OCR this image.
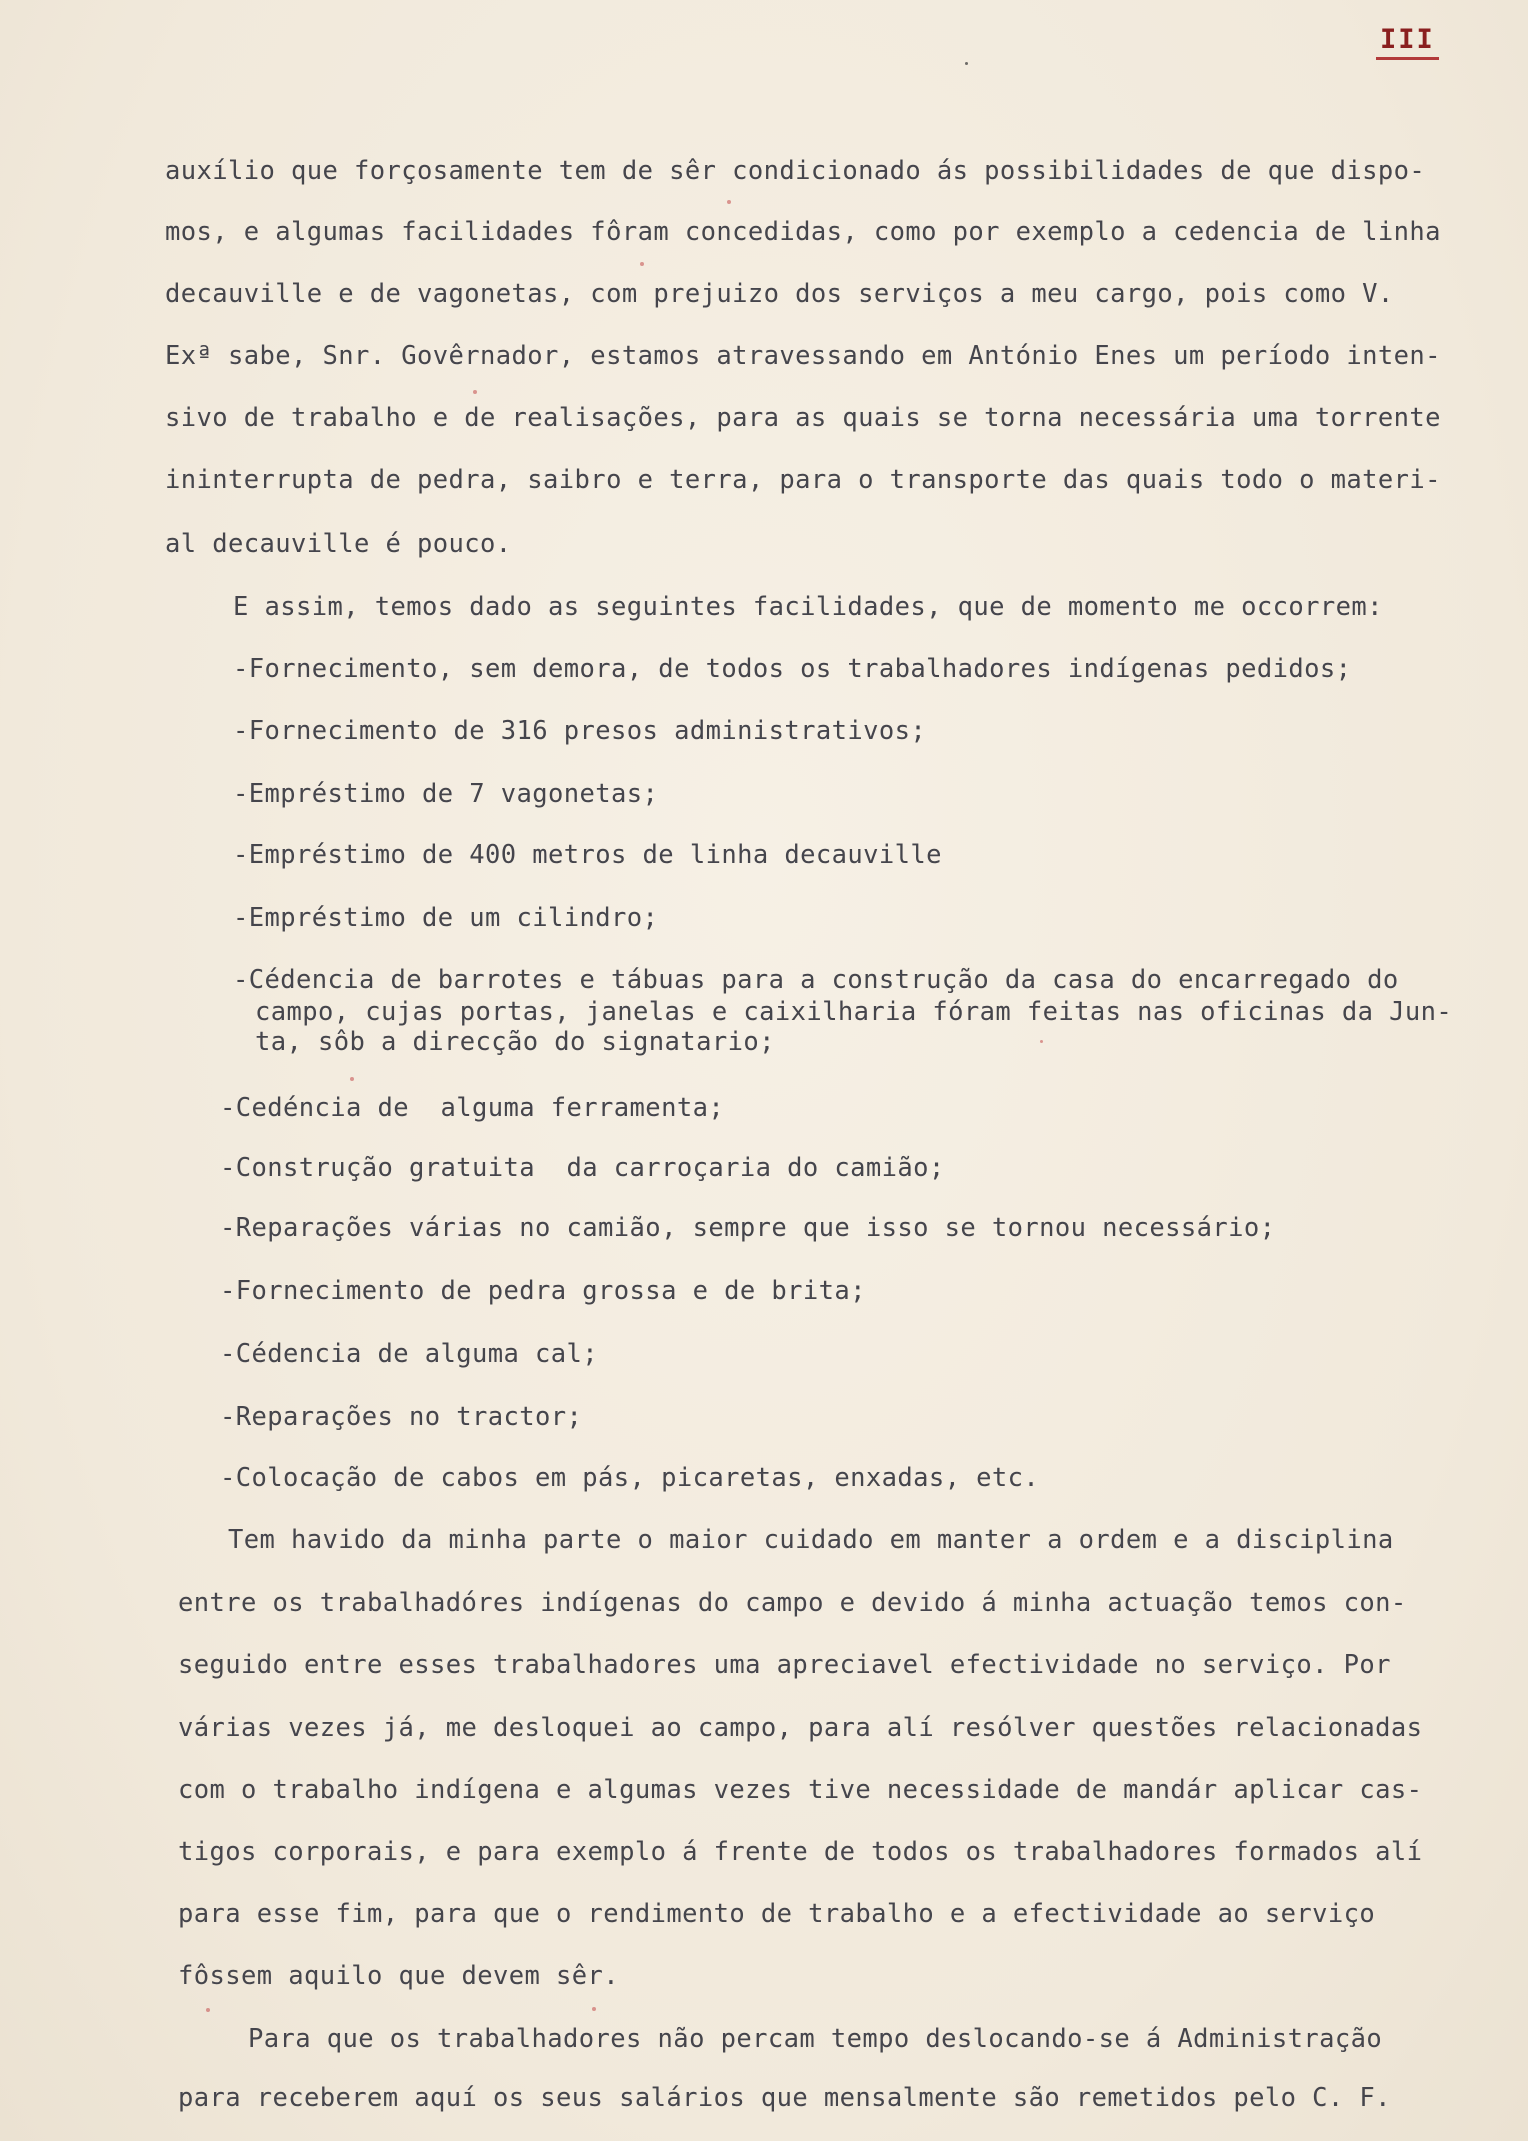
III
auxílio que forçosamente tem de sêr condicionado ás possibilidades de que dispo-
mos, e algumas facilidades fôram concedidas, como por exemplo a cedencia de linha
decauville e de vagonetas, com prejuizo dos serviços a meu cargo, pois como V.
Exª sabe, Snr. Govêrnador, estamos atravessando em António Enes um período inten-
sivo de trabalho e de realisações, para as quais se torna necessária uma torrente
ininterrupta de pedra, saibro e terra, para o transporte das quais todo o materi-
al decauville é pouco.
E assim, temos dado as seguintes facilidades, que de momento me occorrem:
-Fornecimento, sem demora, de todos os trabalhadores indígenas pedidos;
-Fornecimento de 316 presos administrativos;
-Empréstimo de 7 vagonetas;
-Empréstimo de 400 metros de linha decauville
-Empréstimo de um cilindro;
-Cédencia de barrotes e tábuas para a construção da casa do encarregado do
campo, cujas portas, janelas e caixilharia fóram feitas nas oficinas da Jun-
ta, sôb a direcção do signatario;
-Cedéncia de  alguma ferramenta;
-Construção gratuita  da carroçaria do camião;
-Reparações várias no camião, sempre que isso se tornou necessário;
-Fornecimento de pedra grossa e de brita;
-Cédencia de alguma cal;
-Reparações no tractor;
-Colocação de cabos em pás, picaretas, enxadas, etc.
Tem havido da minha parte o maior cuidado em manter a ordem e a disciplina
entre os trabalhadóres indígenas do campo e devido á minha actuação temos con-
seguido entre esses trabalhadores uma apreciavel efectividade no serviço. Por
várias vezes já, me desloquei ao campo, para alí resólver questões relacionadas
com o trabalho indígena e algumas vezes tive necessidade de mandár aplicar cas-
tigos corporais, e para exemplo á frente de todos os trabalhadores formados alí
para esse fim, para que o rendimento de trabalho e a efectividade ao serviço
fôssem aquilo que devem sêr.
Para que os trabalhadores não percam tempo deslocando-se á Administração
para receberem aquí os seus salários que mensalmente são remetidos pelo C. F.
